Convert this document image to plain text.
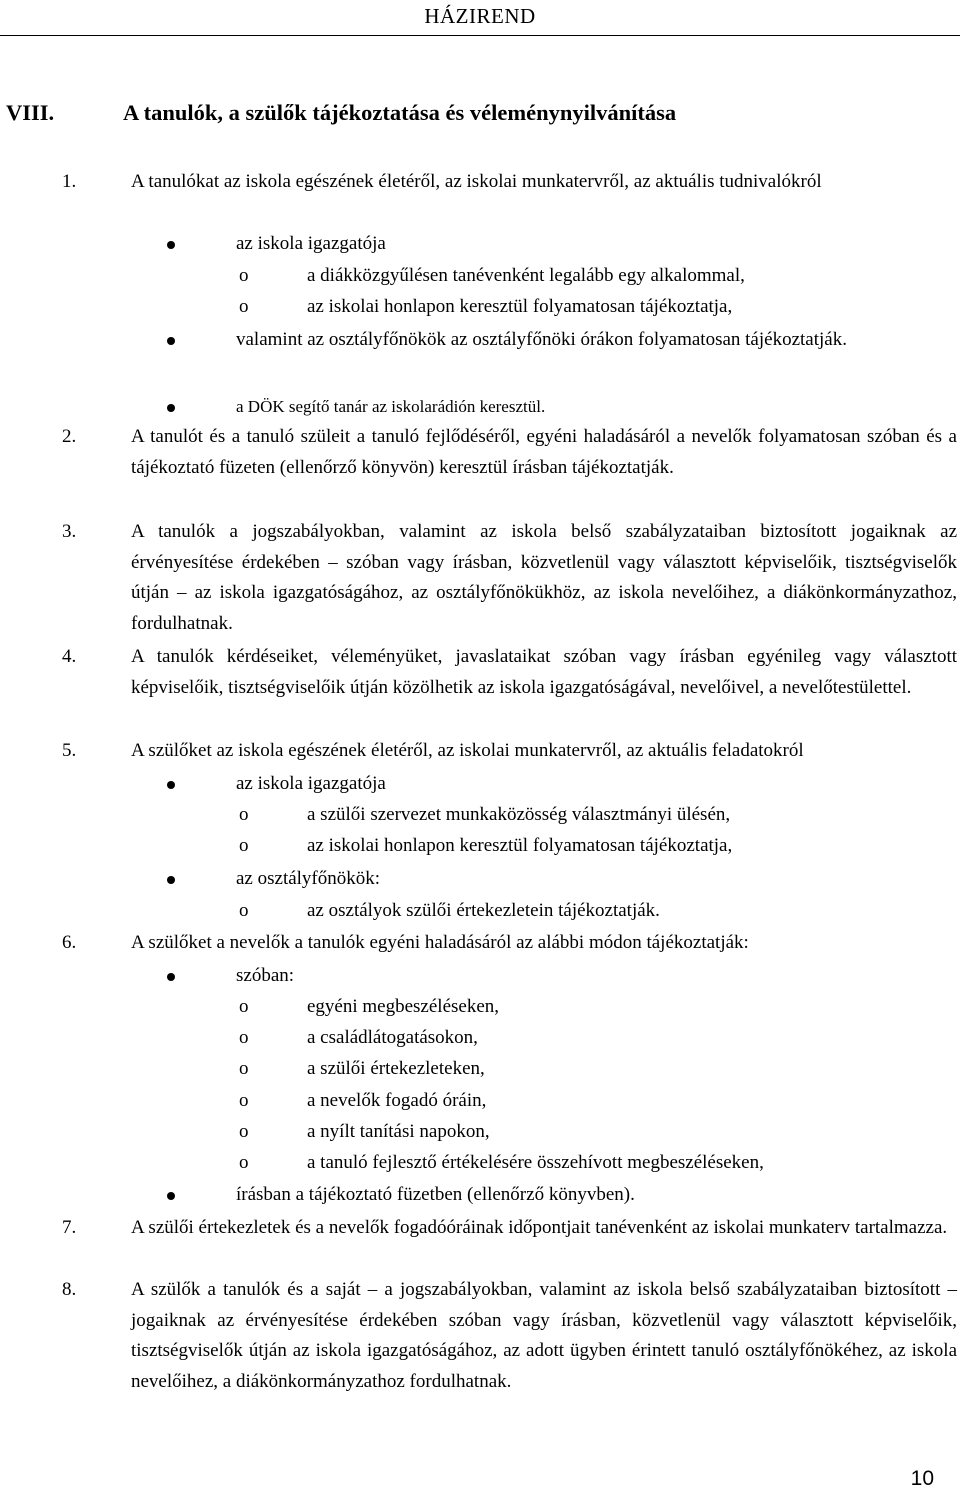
HÁZIREND
VIII.	A tanulók, a szülők tájékoztatása és véleménynyilvánítása
1.	A tanulókat az iskola egészének életéről, az iskolai munkatervről, az aktuális tudnivalókról
az iskola igazgatója
o	a diákközgyűlésen tanévenként legalább egy alkalommal,
o	az iskolai honlapon keresztül folyamatosan tájékoztatja,
valamint az osztályfőnökök az osztályfőnöki órákon folyamatosan tájékoztatják.
a DÖK segítő tanár az iskolarádión keresztül.
2.	A tanulót és a tanuló szüleit a tanuló fejlődéséről, egyéni haladásáról a nevelők folyamatosan szóban és a tájékoztató füzeten (ellenőrző könyvön) keresztül írásban tájékoztatják.
3.	A tanulók a jogszabályokban, valamint az iskola belső szabályzataiban biztosított jogaiknak az érvényesítése érdekében – szóban vagy írásban, közvetlenül vagy választott képviselőik, tisztségviselők útján – az iskola igazgatóságához, az osztályfőnökükhöz, az iskola nevelőihez, a diákönkormányzathoz, fordulhatnak.
4.	A tanulók kérdéseiket, véleményüket, javaslataikat szóban vagy írásban egyénileg vagy választott képviselőik, tisztségviselőik útján közölhetik az iskola igazgatóságával, nevelőivel, a nevelőtestülettel.
5.	A szülőket az iskola egészének életéről, az iskolai munkatervről, az aktuális feladatokról
az iskola igazgatója
o	a szülői szervezet munkaközösség választmányi ülésén,
o	az iskolai honlapon keresztül folyamatosan tájékoztatja,
az osztályfőnökök:
o	az osztályok szülői értekezletein tájékoztatják.
6.	A szülőket a nevelők a tanulók egyéni haladásáról az alábbi módon tájékoztatják:
szóban:
o	egyéni megbeszéléseken,
o	a családlátogatásokon,
o	a szülői értekezleteken,
o	a nevelők fogadó óráin,
o	a nyílt tanítási napokon,
o	a tanuló fejlesztő értékelésére összehívott megbeszéléseken,
írásban a tájékoztató füzetben (ellenőrző könyvben).
7.	A szülői értekezletek és a nevelők fogadóóráinak időpontjait tanévenként az iskolai munkaterv tartalmazza.
8.	A szülők a tanulók és a saját – a jogszabályokban, valamint az iskola belső szabályzataiban biztosított – jogaiknak az érvényesítése érdekében szóban vagy írásban, közvetlenül vagy választott képviselőik, tisztségviselők útján az iskola igazgatóságához, az adott ügyben érintett tanuló osztályfőnökéhez, az iskola nevelőihez, a diákönkormányzathoz fordulhatnak.
10
